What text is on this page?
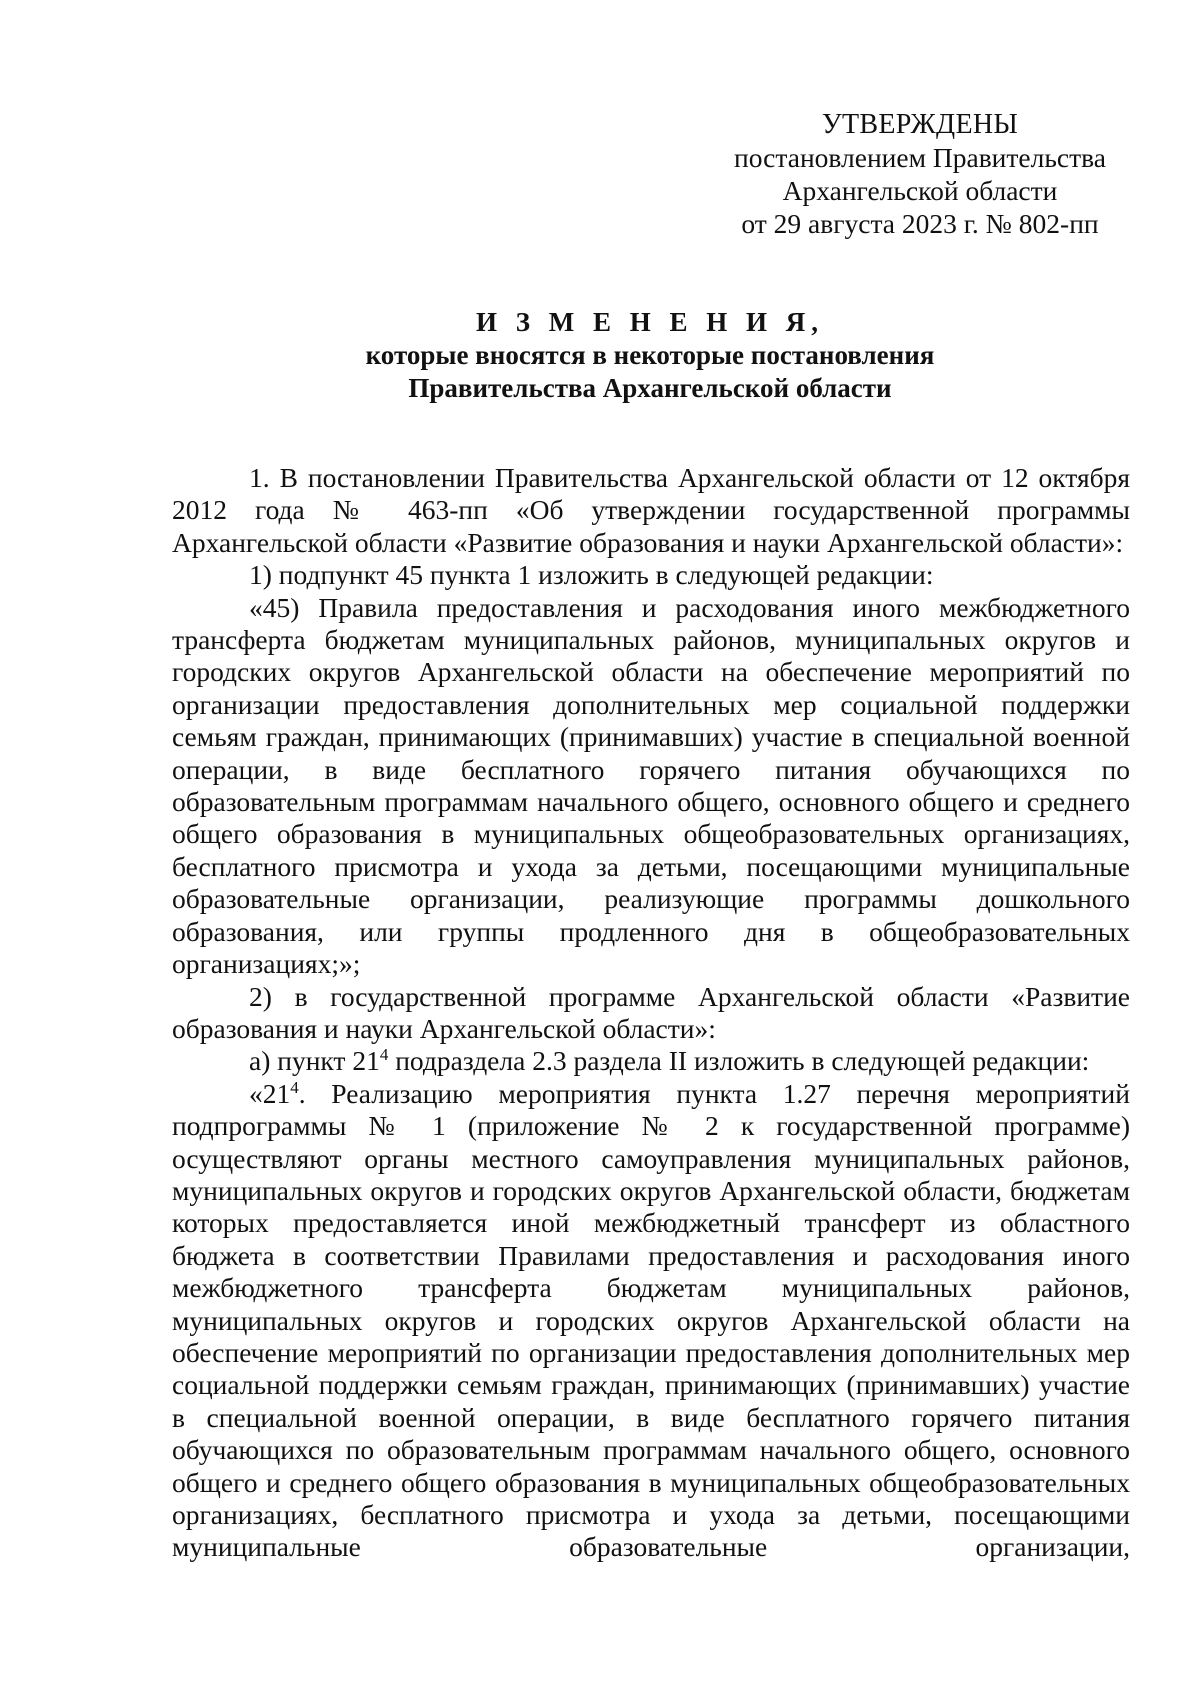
УТВЕРЖДЕНЫ
постановлением Правительства
Архангельской области
от 29 августа 2023 г. № 802-пп
И З М Е Н Е Н И Я,
которые вносятся в некоторые постановления
Правительства Архангельской области

1. В постановлении Правительства Архангельской области от 12 октября 2012 года № 463-пп «Об утверждении государственной программы Архангельской области «Развитие образования и науки Архангельской области»:

1) подпункт 45 пункта 1 изложить в следующей редакции:

«45) Правила предоставления и расходования иного межбюджетного трансферта бюджетам муниципальных районов, муниципальных округов и городских округов Архангельской области на обеспечение мероприятий по организации предоставления дополнительных мер социальной поддержки семьям граждан, принимающих (принимавших) участие в специальной военной операции, в виде бесплатного горячего питания обучающихся по образовательным программам начального общего, основного общего и среднего общего образования в муниципальных общеобразовательных организациях, бесплатного присмотра и ухода за детьми, посещающими муниципальные образовательные организации, реализующие программы дошкольного образования, или группы продленного дня в общеобразовательных организациях;»;

2) в государственной программе Архангельской области «Развитие образования и науки Архангельской области»:

а) пункт $21^4$ подраздела 2.3 раздела II изложить в следующей редакции:

«$21^4$. Реализацию мероприятия пункта 1.27 перечня мероприятий подпрограммы № 1 (приложение № 2 к государственной программе) осуществляют органы местного самоуправления муниципальных районов, муниципальных округов и городских округов Архангельской области, бюджетам которых предоставляется иной межбюджетный трансферт из областного бюджета в соответствии Правилами предоставления и расходования иного межбюджетного трансферта бюджетам муниципальных районов, муниципальных округов и городских округов Архангельской области на обеспечение мероприятий по организации предоставления дополнительных мер социальной поддержки семьям граждан, принимающих (принимавших) участие в специальной военной операции, в виде бесплатного горячего питания обучающихся по образовательным программам начального общего, основного общего и среднего общего образования в муниципальных общеобразовательных организациях, бесплатного присмотра и ухода за детьми, посещающими муниципальные образовательные организации,
